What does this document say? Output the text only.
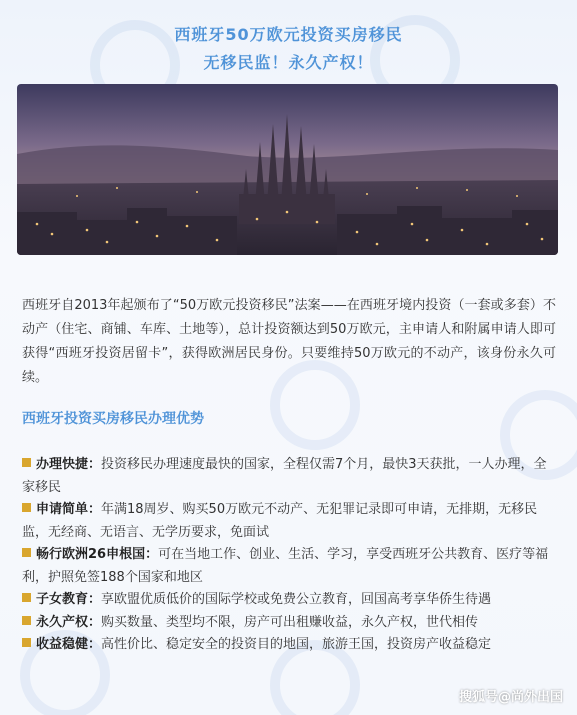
西班牙50万欧元投资买房移民
无移民监！永久产权！
西班牙自2013年起颁布了“50万欧元投资移民”法案——在西班牙境内投资（一套或多套）不动产（住宅、商铺、车库、土地等），总计投资额达到50万欧元，主申请人和附属申请人即可获得“西班牙投资居留卡”，获得欧洲居民身份。只要维持50万欧元的不动产，该身份永久可续。
西班牙投资买房移民办理优势

办理快捷：投资移民办理速度最快的国家，全程仅需7个月，最快3天获批，一人办理，全家移民

申请简单：年满18周岁、购买50万欧元不动产、无犯罪记录即可申请，无排期，无移民监，无经商、无语言、无学历要求，免面试

畅行欧洲26申根国：可在当地工作、创业、生活、学习，享受西班牙公共教育、医疗等福利，护照免签188个国家和地区

子女教育：享欧盟优质低价的国际学校或免费公立教育，回国高考享华侨生待遇

永久产权：购买数量、类型均不限，房产可出租赚收益，永久产权，世代相传

收益稳健：高性价比、稳定安全的投资目的地国，旅游王国，投资房产收益稳定

搜狐号@尚外出国
